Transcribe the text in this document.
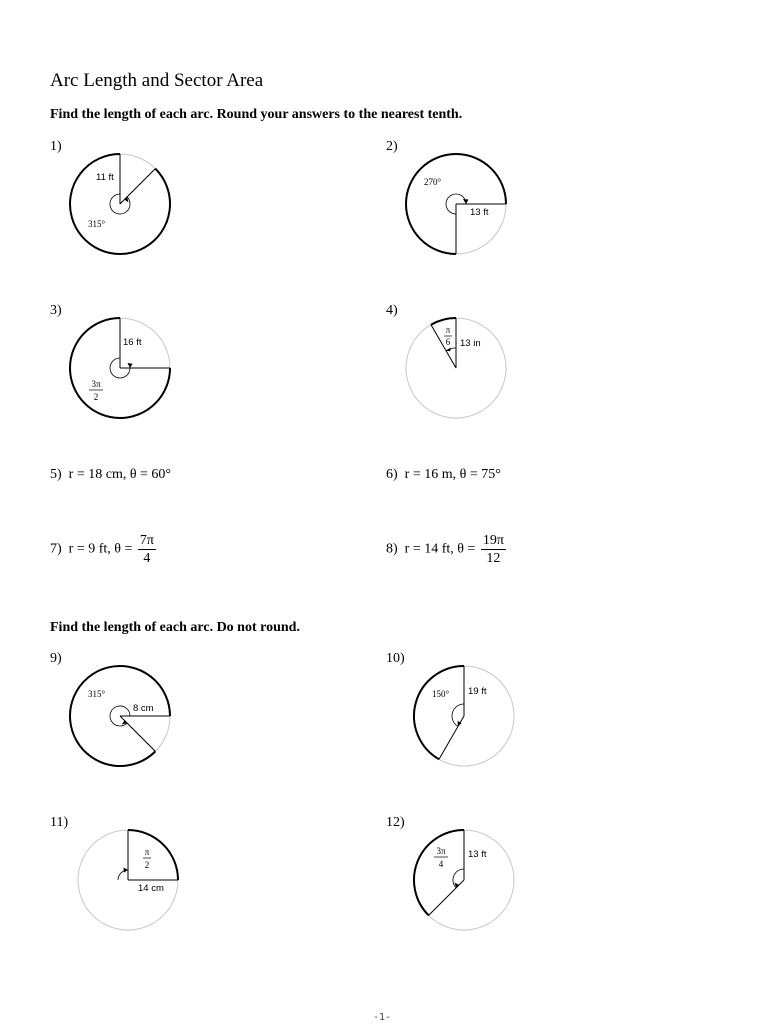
Arc Length and Sector Area
Find the length of each arc. Round your answers to the nearest tenth.
1)	2)
3)	4)
11 ft
315°
13 ft
270°
16 ft
3π
2
π
6 13 in
5) r = 18 cm, θ = 60°	6) r = 16 m, θ = 75°
7) r = 9 ft, $\theta = \frac{7\pi}{4}$	8) r = 14 ft, $\theta = \frac{19\pi}{12}$
Find the length of each arc. Do not round.
9)	10)
11)	12)
8 cm
315°	19 ft
150°
π
2
14 cm
3π
4
13 ft
-1-
